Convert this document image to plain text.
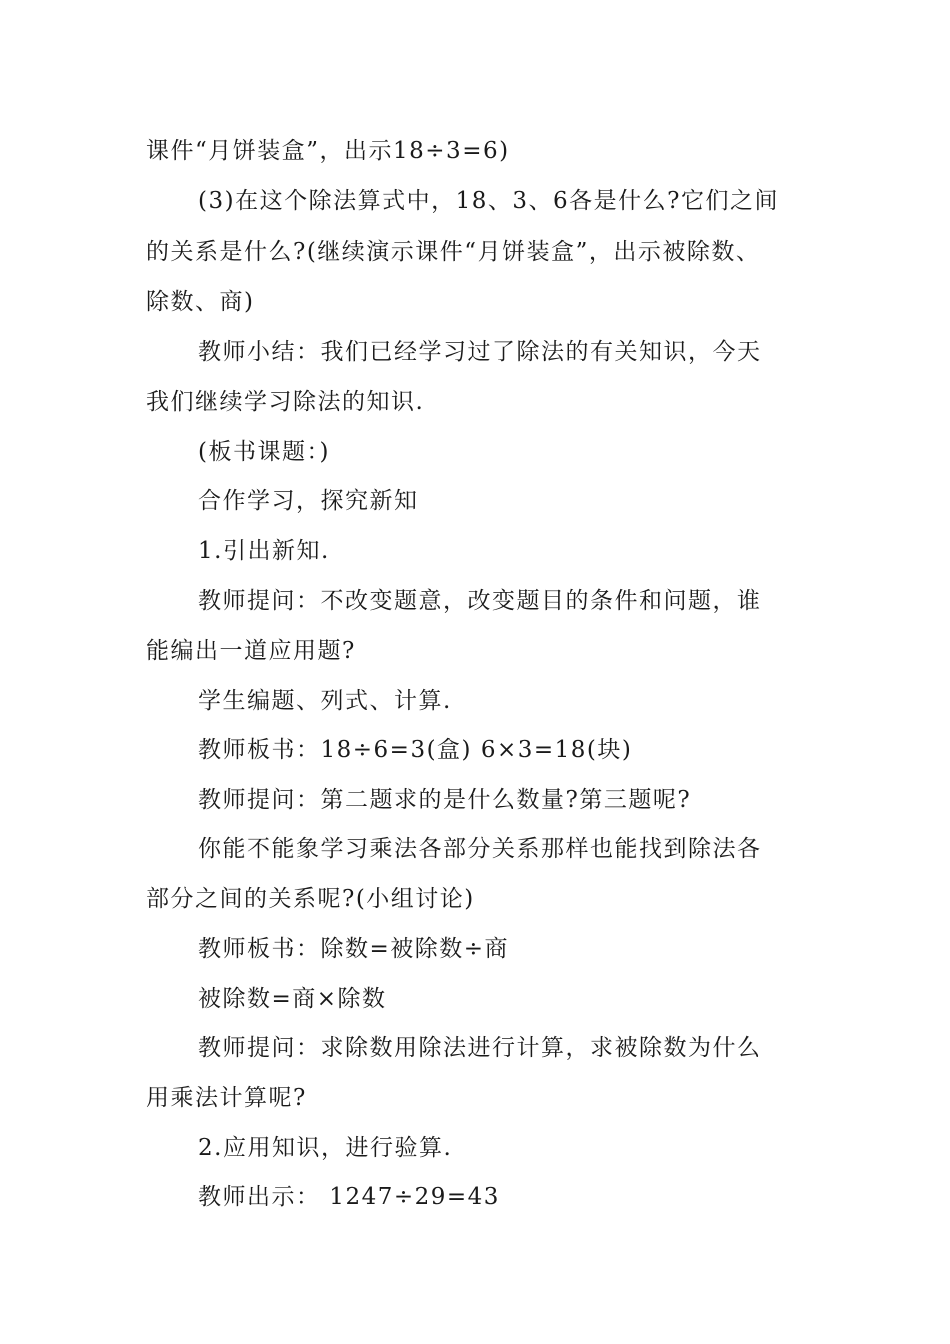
课件“月饼装盒”，出示18÷3=6)
(3)在这个除法算式中，18、3、6各是什么?它们之间
的关系是什么?(继续演示课件“月饼装盒”，出示被除数、
除数、商)
教师小结：我们已经学习过了除法的有关知识，今天
我们继续学习除法的知识.
(板书课题：)
合作学习，探究新知
1.引出新知.
教师提问：不改变题意，改变题目的条件和问题，谁
能编出一道应用题?
学生编题、列式、计算.
教师板书：18÷6=3(盒) 6×3=18(块)
教师提问：第二题求的是什么数量?第三题呢?
你能不能象学习乘法各部分关系那样也能找到除法各
部分之间的关系呢?(小组讨论)
教师板书：除数=被除数÷商
被除数=商×除数
教师提问：求除数用除法进行计算，求被除数为什么
用乘法计算呢?
2.应用知识，进行验算.
教师出示： 1247÷29=43
